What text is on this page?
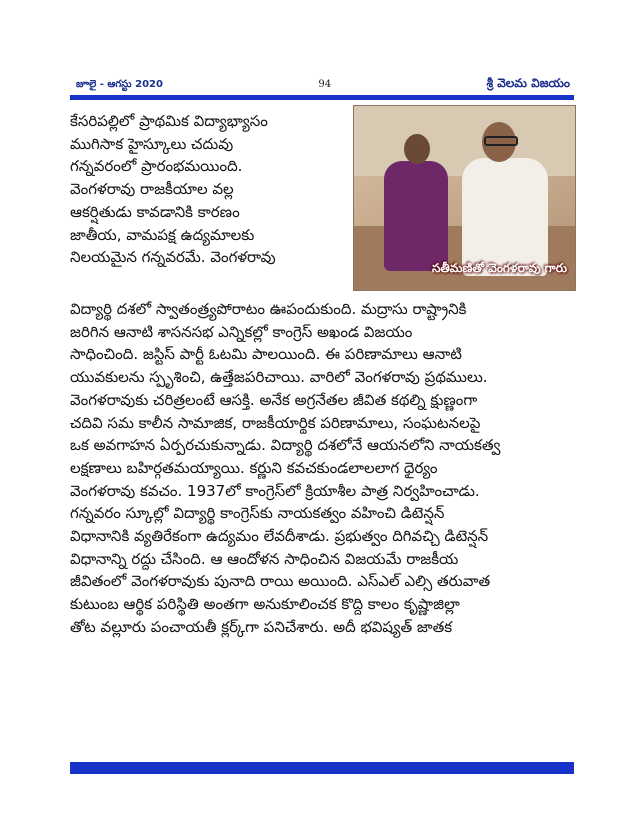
జూలై - ఆగస్టు 2020	94	శ్రీ వెలమ విజయం
సతీమణితో వెంగళరావు గారు
కేసరిపల్లిలో ప్రాథమిక విద్యాభ్యాసం
ముగిసాక హైస్కూలు చదువు
గన్నవరంలో ప్రారంభమయింది.
వెంగళరావు రాజకీయాల వల్ల
ఆకర్షితుడు కావడానికి కారణం
జాతీయ, వామపక్ష ఉద్యమాలకు
నిలయమైన గన్నవరమే. వెంగళరావు
విద్యార్థి దశలో స్వాతంత్ర్యపోరాటం ఊపందుకుంది. మద్రాసు రాష్ట్రానికి
జరిగిన ఆనాటి శాసనసభ ఎన్నికల్లో కాంగ్రెస్ అఖండ విజయం
సాధించింది. జస్టిస్ పార్టీ ఓటమి పాలయింది. ఈ పరిణామాలు ఆనాటి
యువకులను స్పృశించి, ఉత్తేజపరిచాయి. వారిలో వెంగళరావు ప్రథములు.
వెంగళరావుకు చరిత్రలంటే ఆసక్తి. అనేక అగ్రనేతల జీవిత కథల్ని క్షుణ్ణంగా
చదివి సమ కాలీన సామాజిక, రాజకీయార్థిక పరిణామాలు, సంఘటనలపై
ఒక అవగాహన ఏర్పరచుకున్నాడు. విద్యార్థి దశలోనే ఆయనలోని నాయకత్వ
లక్షణాలు బహిర్గతమయ్యాయి. కర్ణుని కవచకుండలాలలాగ ధైర్యం
వెంగళరావు కవచం. 1937లో కాంగ్రెస్‌లో క్రియాశీల పాత్ర నిర్వహించాడు.
గన్నవరం స్కూల్లో విద్యార్థి కాంగ్రెస్‌కు నాయకత్వం వహించి డిటెన్షన్
విధానానికి వ్యతిరేకంగా ఉద్యమం లేవదీశాడు. ప్రభుత్వం దిగివచ్చి డిటెన్షన్
విధానాన్ని రద్దు చేసింది. ఆ ఆందోళన సాధించిన విజయమే రాజకీయ
జీవితంలో వెంగళరావుకు పునాది రాయి అయింది. ఎస్ఎల్ ఎల్సి తరువాత
కుటుంబ ఆర్థిక పరిస్థితి అంతగా అనుకూలించక కొద్ది కాలం కృష్ణాజిల్లా
తోట వల్లూరు పంచాయతీ క్లర్క్‌గా పనిచేశారు. అదీ భవిష్యత్ జాతక
